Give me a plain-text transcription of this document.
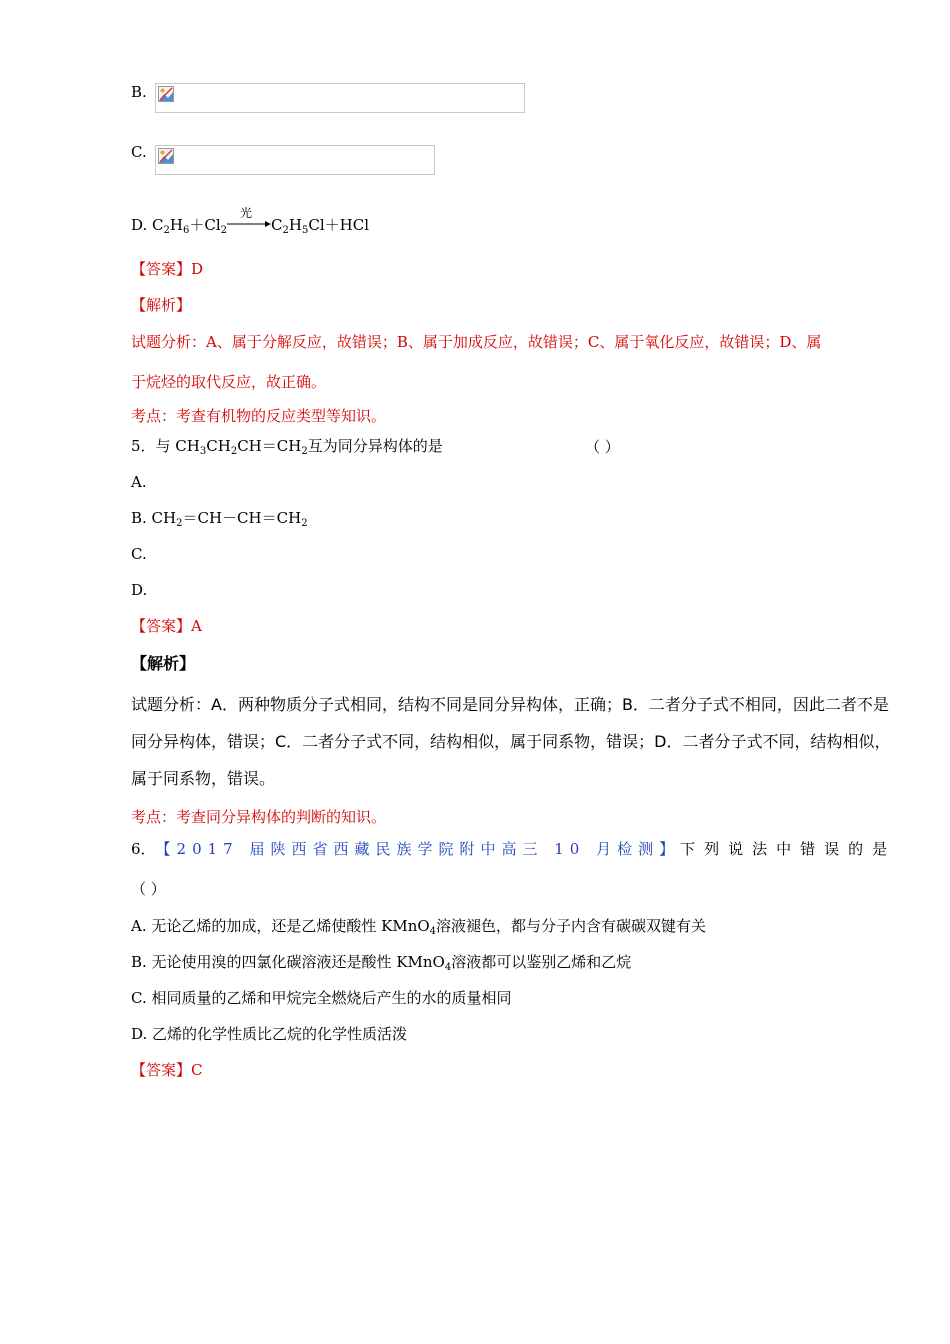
B.
C.
D. $C_2H_6+Cl_2$
光
$C_2H_5Cl+HCl$
【答案】D
【解析】
试题分析：A、属于分解反应，故错误；B、属于加成反应，故错误；C、属于氧化反应，故错误；D、属
于烷烃的取代反应，故正确。
考点：考查有机物的反应类型等知识。
5．与 $CH_3CH_2CH=CH_2$互为同分异构体的是	（ ）
A.
B. $CH_2=CH-CH=CH_2$
C.
D.
【答案】A
【解析】
试题分析：A．两种物质分子式相同，结构不同是同分异构体，正确；B．二者分子式不相同，因此二者不是同分异构体，错误；C．二者分子式不同，结构相似，属于同系物，错误；D．二者分子式不同，结构相似，属于同系物，错误。
考点：考查同分异构体的判断的知识。
6． 【2017 届陕西省西藏民族学院附中高三 10 月检测】 下列说法中错误的是
（ ）
A. 无论乙烯的加成，还是乙烯使酸性 KMnO$_4$溶液褪色，都与分子内含有碳碳双键有关
B. 无论使用溴的四氯化碳溶液还是酸性 KMnO$_4$溶液都可以鉴别乙烯和乙烷
C. 相同质量的乙烯和甲烷完全燃烧后产生的水的质量相同
D. 乙烯的化学性质比乙烷的化学性质活泼
【答案】C
